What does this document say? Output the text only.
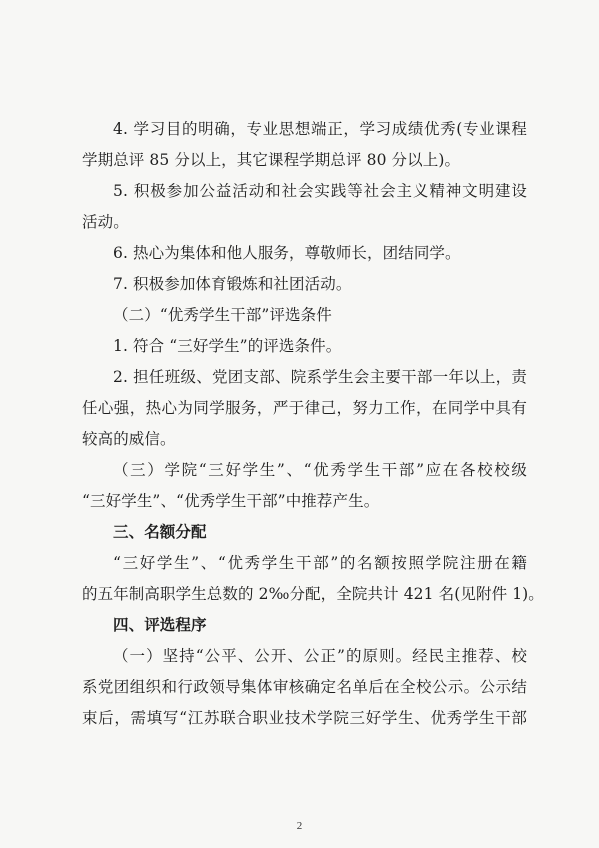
4. 学习目的明确，专业思想端正，学习成绩优秀(专业课程
学期总评 85 分以上，其它课程学期总评 80 分以上)。
5. 积极参加公益活动和社会实践等社会主义精神文明建设
活动。
6. 热心为集体和他人服务，尊敬师长，团结同学。
7. 积极参加体育锻炼和社团活动。
（二）“优秀学生干部”评选条件
1. 符合 “三好学生”的评选条件。
2. 担任班级、党团支部、院系学生会主要干部一年以上，责
任心强，热心为同学服务，严于律己，努力工作，在同学中具有
较高的威信。
（三）学院“三好学生”、“优秀学生干部”应在各校校级
“三好学生”、“优秀学生干部”中推荐产生。
三、名额分配
“三好学生”、“优秀学生干部”的名额按照学院注册在籍
的五年制高职学生总数的 2‰分配，全院共计 421 名(见附件 1)。
四、评选程序
（一）坚持“公平、公开、公正”的原则。经民主推荐、校
系党团组织和行政领导集体审核确定名单后在全校公示。公示结
束后，需填写“江苏联合职业技术学院三好学生、优秀学生干部
2
